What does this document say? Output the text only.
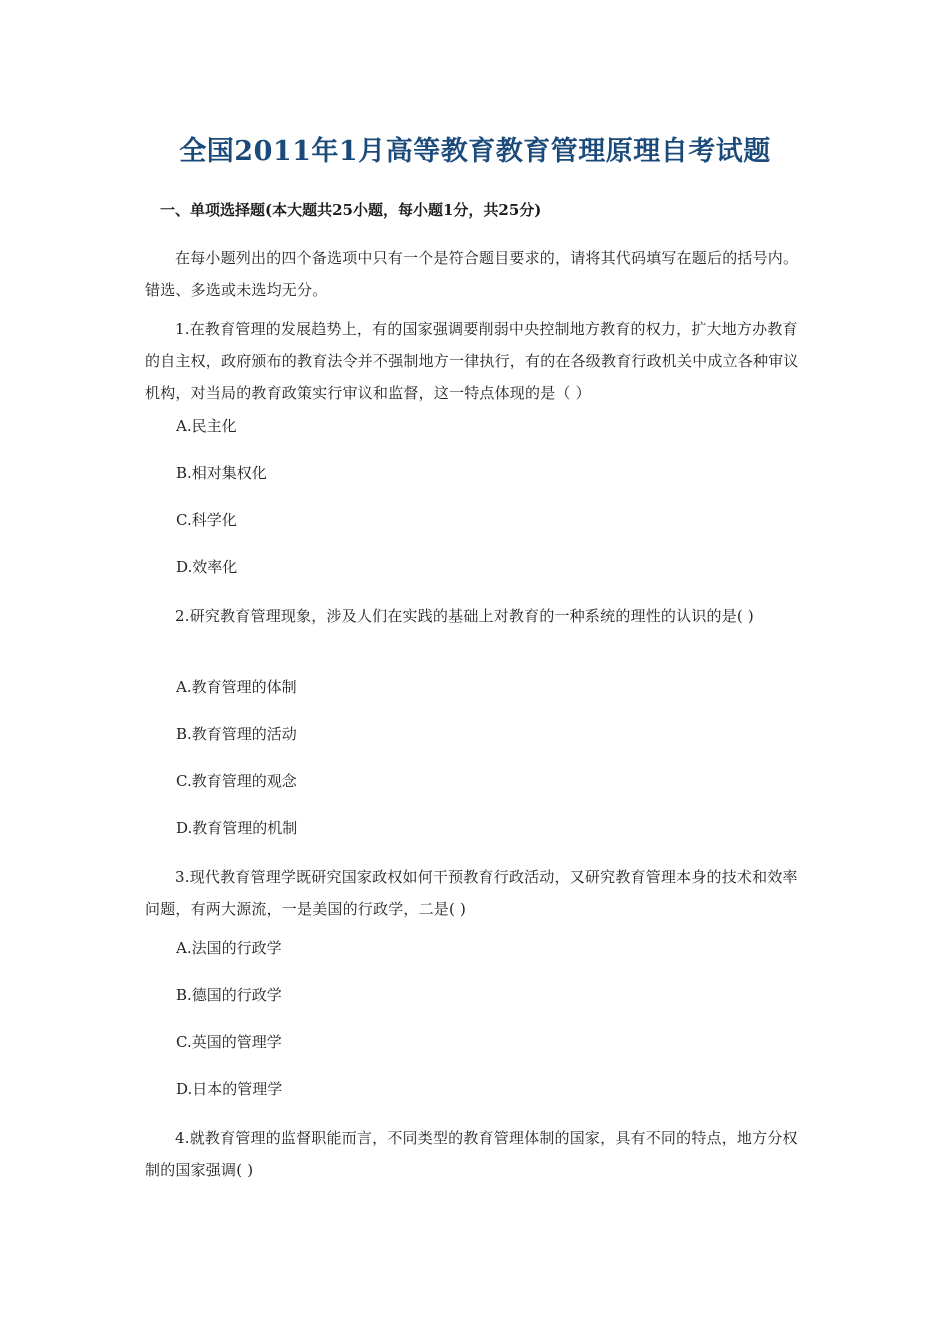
全国2011年1月高等教育教育管理原理自考试题
一、单项选择题(本大题共25小题，每小题1分，共25分)
在每小题列出的四个备选项中只有一个是符合题目要求的，请将其代码填写在题后的括号内。错选、多选或未选均无分。
1.在教育管理的发展趋势上，有的国家强调要削弱中央控制地方教育的权力，扩大地方办教育的自主权，政府颁布的教育法令并不强制地方一律执行，有的在各级教育行政机关中成立各种审议机构，对当局的教育政策实行审议和监督，这一特点体现的是（ ）
A.民主化
B.相对集权化
C.科学化
D.效率化
2.研究教育管理现象，涉及人们在实践的基础上对教育的一种系统的理性的认识的是( )
A.教育管理的体制
B.教育管理的活动
C.教育管理的观念
D.教育管理的机制
3.现代教育管理学既研究国家政权如何干预教育行政活动，又研究教育管理本身的技术和效率问题，有两大源流，一是美国的行政学，二是( )
A.法国的行政学
B.德国的行政学
C.英国的管理学
D.日本的管理学
4.就教育管理的监督职能而言，不同类型的教育管理体制的国家，具有不同的特点，地方分权制的国家强调( )
